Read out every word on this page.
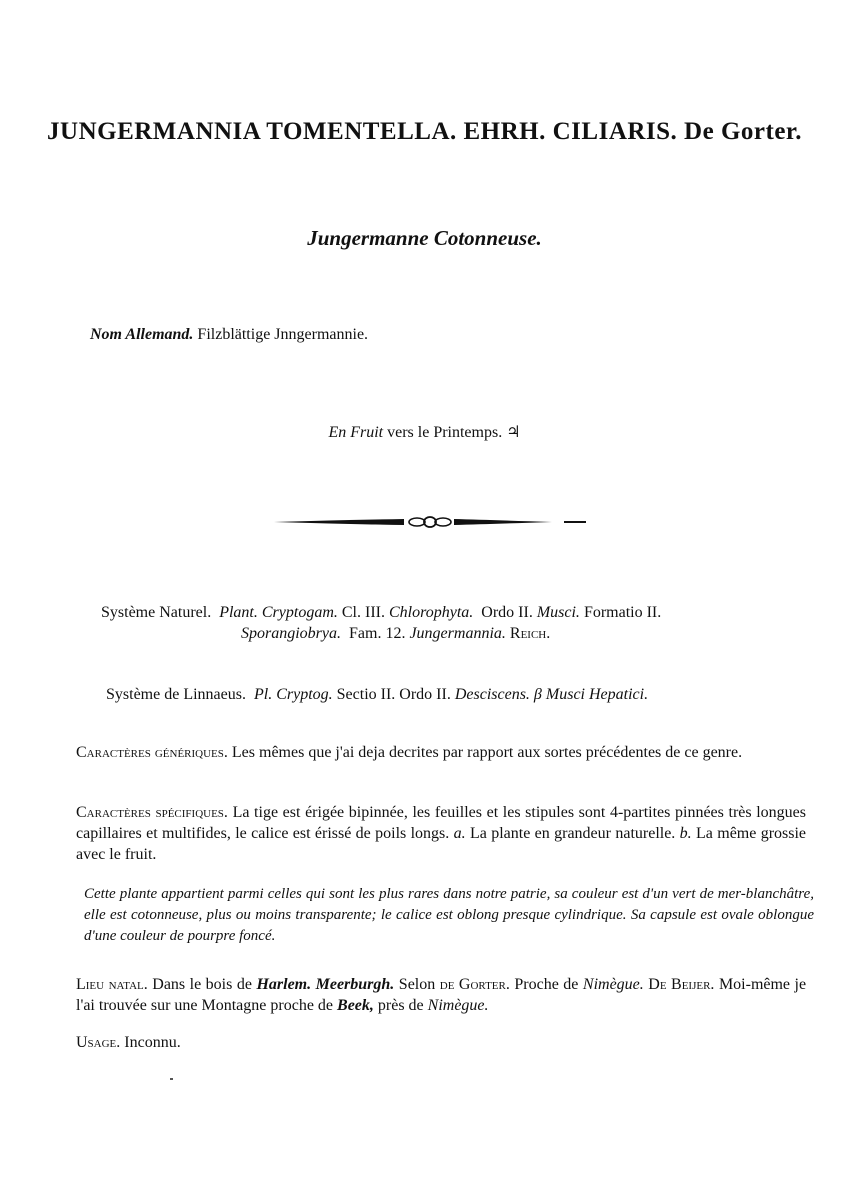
JUNGERMANNIA TOMENTELLA. EHRH. CILIARIS. De Gorter.
Jungermanne Cotonneuse.
Nom Allemand. Filzblättige Jnngermannie.
En Fruit vers le Printemps. ♃
Système Naturel. Plant. Cryptogam. Cl. III. Chlorophyta. Ordo II. Musci. Formatio II.
Sporangiobrya. Fam. 12. Jungermannia. Reich.
Système de Linnaeus. Pl. Cryptog. Sectio II. Ordo II. Desciscens. β Musci Hepatici.
Caractères génériques. Les mêmes que j'ai deja decrites par rapport aux sortes précédentes de ce genre.
Caractères spécifiques. La tige est érigée bipinnée, les feuilles et les stipules sont 4-partites pinnées très longues capillaires et multifides, le calice est érissé de poils longs. a. La plante en grandeur naturelle. b. La même grossie avec le fruit.
Cette plante appartient parmi celles qui sont les plus rares dans notre patrie, sa couleur est d'un vert de mer-blanchâtre, elle est cotonneuse, plus ou moins transparente; le calice est oblong presque cylindrique. Sa capsule est ovale oblongue d'une couleur de pourpre foncé.
Lieu natal. Dans le bois de Harlem. Meerburgh. Selon de Gorter. Proche de Nimègue. De Beijer. Moi-même je l'ai trouvée sur une Montagne proche de Beek, près de Nimègue.
Usage. Inconnu.
